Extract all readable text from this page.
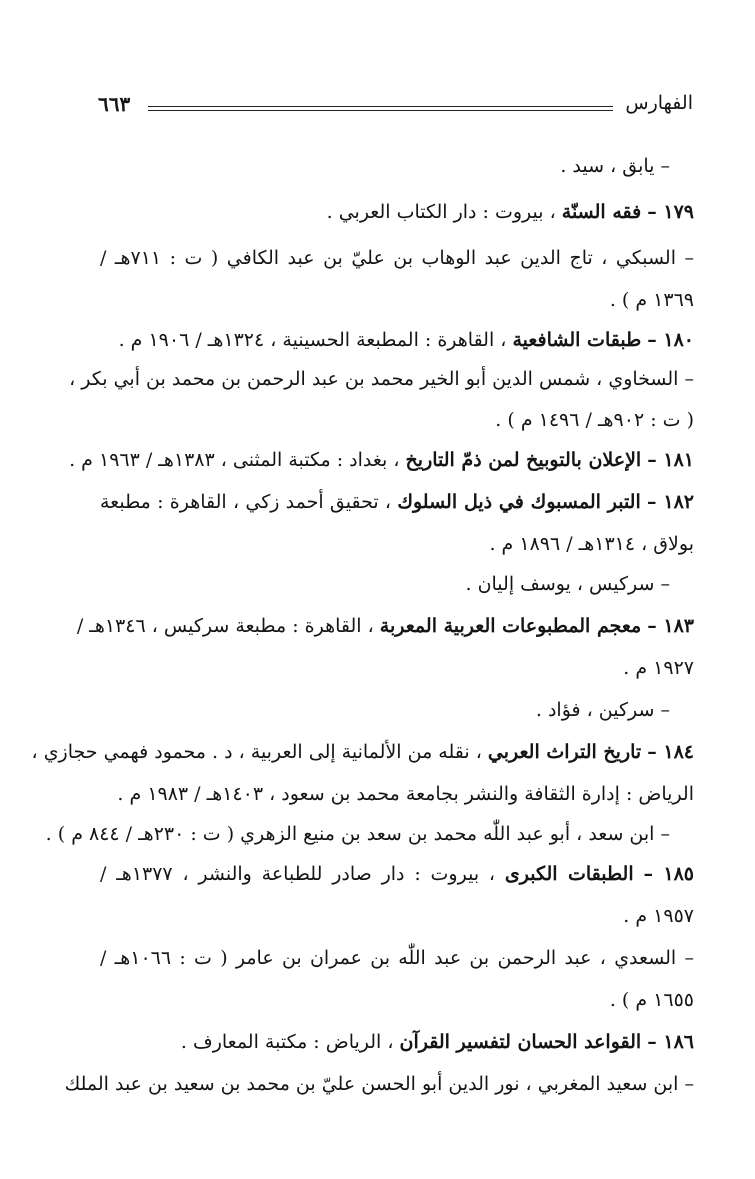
الفهارس
٦٦٣
– يابق ، سيد .
١٧٩ – فقه السنّة ، بيروت : دار الكتاب العربي .
– السبكي ، تاج الدين عبد الوهاب بن عليّ بن عبد الكافي ( ت : ٧١١هـ /
١٣٦٩ م ) .
١٨٠ – طبقات الشافعية ، القاهرة : المطبعة الحسينية ، ١٣٢٤هـ / ١٩٠٦ م .
– السخاوي ، شمس الدين أبو الخير محمد بن عبد الرحمن بن محمد بن أبي بكر ،
( ت : ٩٠٢هـ / ١٤٩٦ م ) .
١٨١ – الإعلان بالتوبيخ لمن ذمّ التاريخ ، بغداد : مكتبة المثنى ، ١٣٨٣هـ / ١٩٦٣ م .
١٨٢ – التبر المسبوك في ذيل السلوك ، تحقيق أحمد زكي ، القاهرة : مطبعة
بولاق ، ١٣١٤هـ / ١٨٩٦ م .
– سركيس ، يوسف إليان .
١٨٣ – معجم المطبوعات العربية المعربة ، القاهرة : مطبعة سركيس ، ١٣٤٦هـ /
١٩٢٧ م .
– سركين ، فؤاد .
١٨٤ – تاريخ التراث العربي ، نقله من الألمانية إلى العربية ، د . محمود فهمي حجازي ،
الرياض : إدارة الثقافة والنشر بجامعة محمد بن سعود ، ١٤٠٣هـ / ١٩٨٣ م .
– ابن سعد ، أبو عبد اللّٰه محمد بن سعد بن منيع الزهري ( ت : ٢٣٠هـ / ٨٤٤ م ) .
١٨٥ – الطبقات الكبرى ، بيروت : دار صادر للطباعة والنشر ، ١٣٧٧هـ /
١٩٥٧ م .
– السعدي ، عبد الرحمن بن عبد اللّٰه بن عمران بن عامر ( ت : ١٠٦٦هـ /
١٦٥٥ م ) .
١٨٦ – القواعد الحسان لتفسير القرآن ، الرياض : مكتبة المعارف .
– ابن سعيد المغربي ، نور الدين أبو الحسن عليّ بن محمد بن سعيد بن عبد الملك
